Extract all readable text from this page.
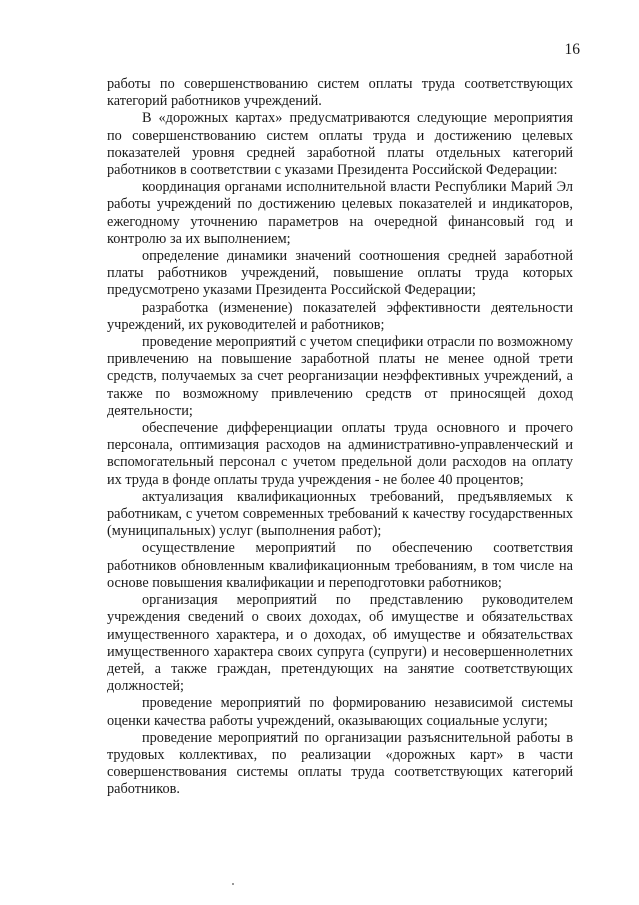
16

работы по совершенствованию систем оплаты труда соответствующих категорий работников учреждений.

В «дорожных картах» предусматриваются следующие мероприятия по совершенствованию систем оплаты труда и достижению целевых показателей уровня средней заработной платы отдельных категорий работников в соответствии с указами Президента Российской Федерации:

координация органами исполнительной власти Республики Марий Эл работы учреждений по достижению целевых показателей и индикаторов, ежегодному уточнению параметров на очередной финансовый год и контролю за их выполнением;

определение динамики значений соотношения средней заработной платы работников учреждений, повышение оплаты труда которых предусмотрено указами Президента Российской Федерации;

разработка (изменение) показателей эффективности деятельности учреждений, их руководителей и работников;

проведение мероприятий с учетом специфики отрасли по возможному привлечению на повышение заработной платы не менее одной трети средств, получаемых за счет реорганизации неэффективных учреждений, а также по возможному привлечению средств от приносящей доход деятельности;

обеспечение дифференциации оплаты труда основного и прочего персонала, оптимизация расходов на административно-управленческий и вспомогательный персонал с учетом предельной доли расходов на оплату их труда в фонде оплаты труда учреждения - не более 40 процентов;

актуализация квалификационных требований, предъявляемых к работникам, с учетом современных требований к качеству государственных (муниципальных) услуг (выполнения работ);

осуществление мероприятий по обеспечению соответствия работников обновленным квалификационным требованиям, в том числе на основе повышения квалификации и переподготовки работников;

организация мероприятий по представлению руководителем учреждения сведений о своих доходах, об имуществе и обязательствах имущественного характера, и о доходах, об имуществе и обязательствах имущественного характера своих супруга (супруги) и несовершеннолетних детей, а также граждан, претендующих на занятие соответствующих должностей;

проведение мероприятий по формированию независимой системы оценки качества работы учреждений, оказывающих социальные услуги;

проведение мероприятий по организации разъяснительной работы в трудовых коллективах, по реализации «дорожных карт» в части совершенствования системы оплаты труда соответствующих категорий работников.
